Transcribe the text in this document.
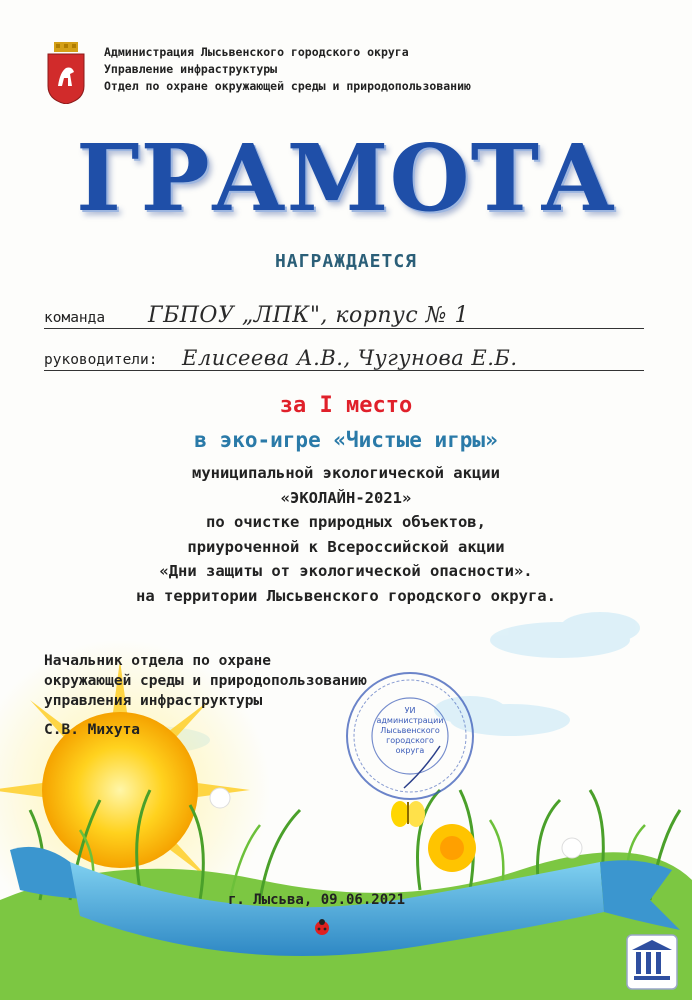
Администрация Лысьвенского городского округа
Управление инфраструктуры
Отдел по охране окружающей среды и природопользованию
ГРАМОТА
НАГРАЖДАЕТСЯ
команда ГБПОУ „ЛПК", корпус № 1
руководители: Елисеева А.В., Чугунова Е.Б.
за I место
в эко-игре «Чистые игры»
муниципальной экологической акции
«ЭКОЛАЙН-2021»
по очистке природных объектов,
приуроченной к Всероссийской акции
«Дни защиты от экологической опасности».
на территории Лысьвенского городского округа.
Начальник отдела по охране
окружающей среды и природопользованию
управления инфраструктуры
С.В. Михута
УИ
администрации
Лысьвенского
городского
округа
г. Лысьва, 09.06.2021
